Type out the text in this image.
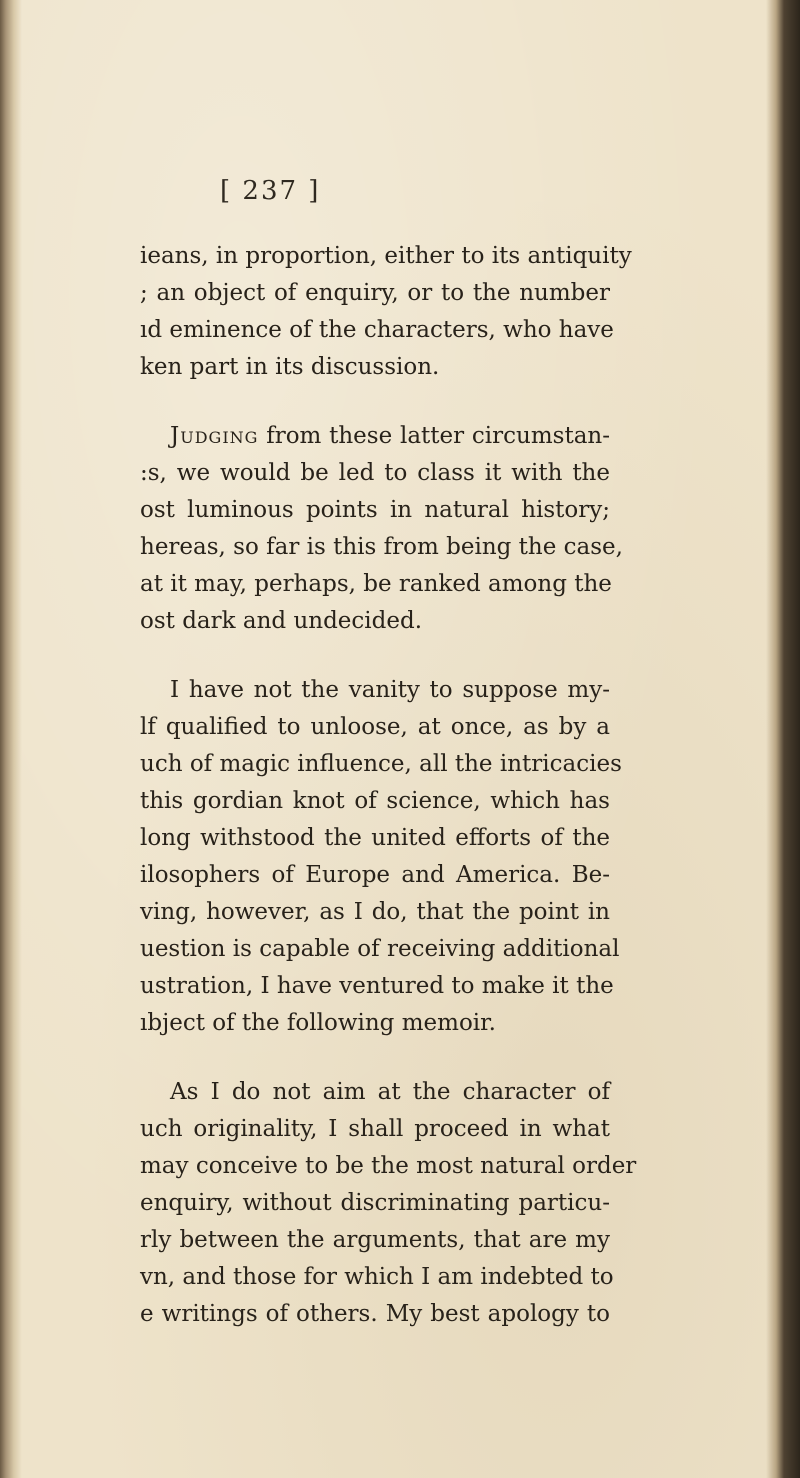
[ 237 ]
ieans, in proportion, either to its antiquity
; an object of enquiry, or to the number
ıd eminence of the characters, who have
ken part in its discussion.
Judging from these latter circumstan-
:s, we would be led to class it with the
ost luminous points in natural history;
hereas, so far is this from being the case,
at it may, perhaps, be ranked among the
ost dark and undecided.
I have not the vanity to suppose my-
lf qualified to unloose, at once, as by a
uch of magic influence, all the intricacies
this gordian knot of science, which has
long withstood the united efforts of the
ilosophers of Europe and America. Be-
ving, however, as I do, that the point in
uestion is capable of receiving additional
ustration, I have ventured to make it the
ıbject of the following memoir.
As I do not aim at the character of
uch originality, I shall proceed in what
may conceive to be the most natural order
enquiry, without discriminating particu-
rly between the arguments, that are my
vn, and those for which I am indebted to
e writings of others. My best apology to
